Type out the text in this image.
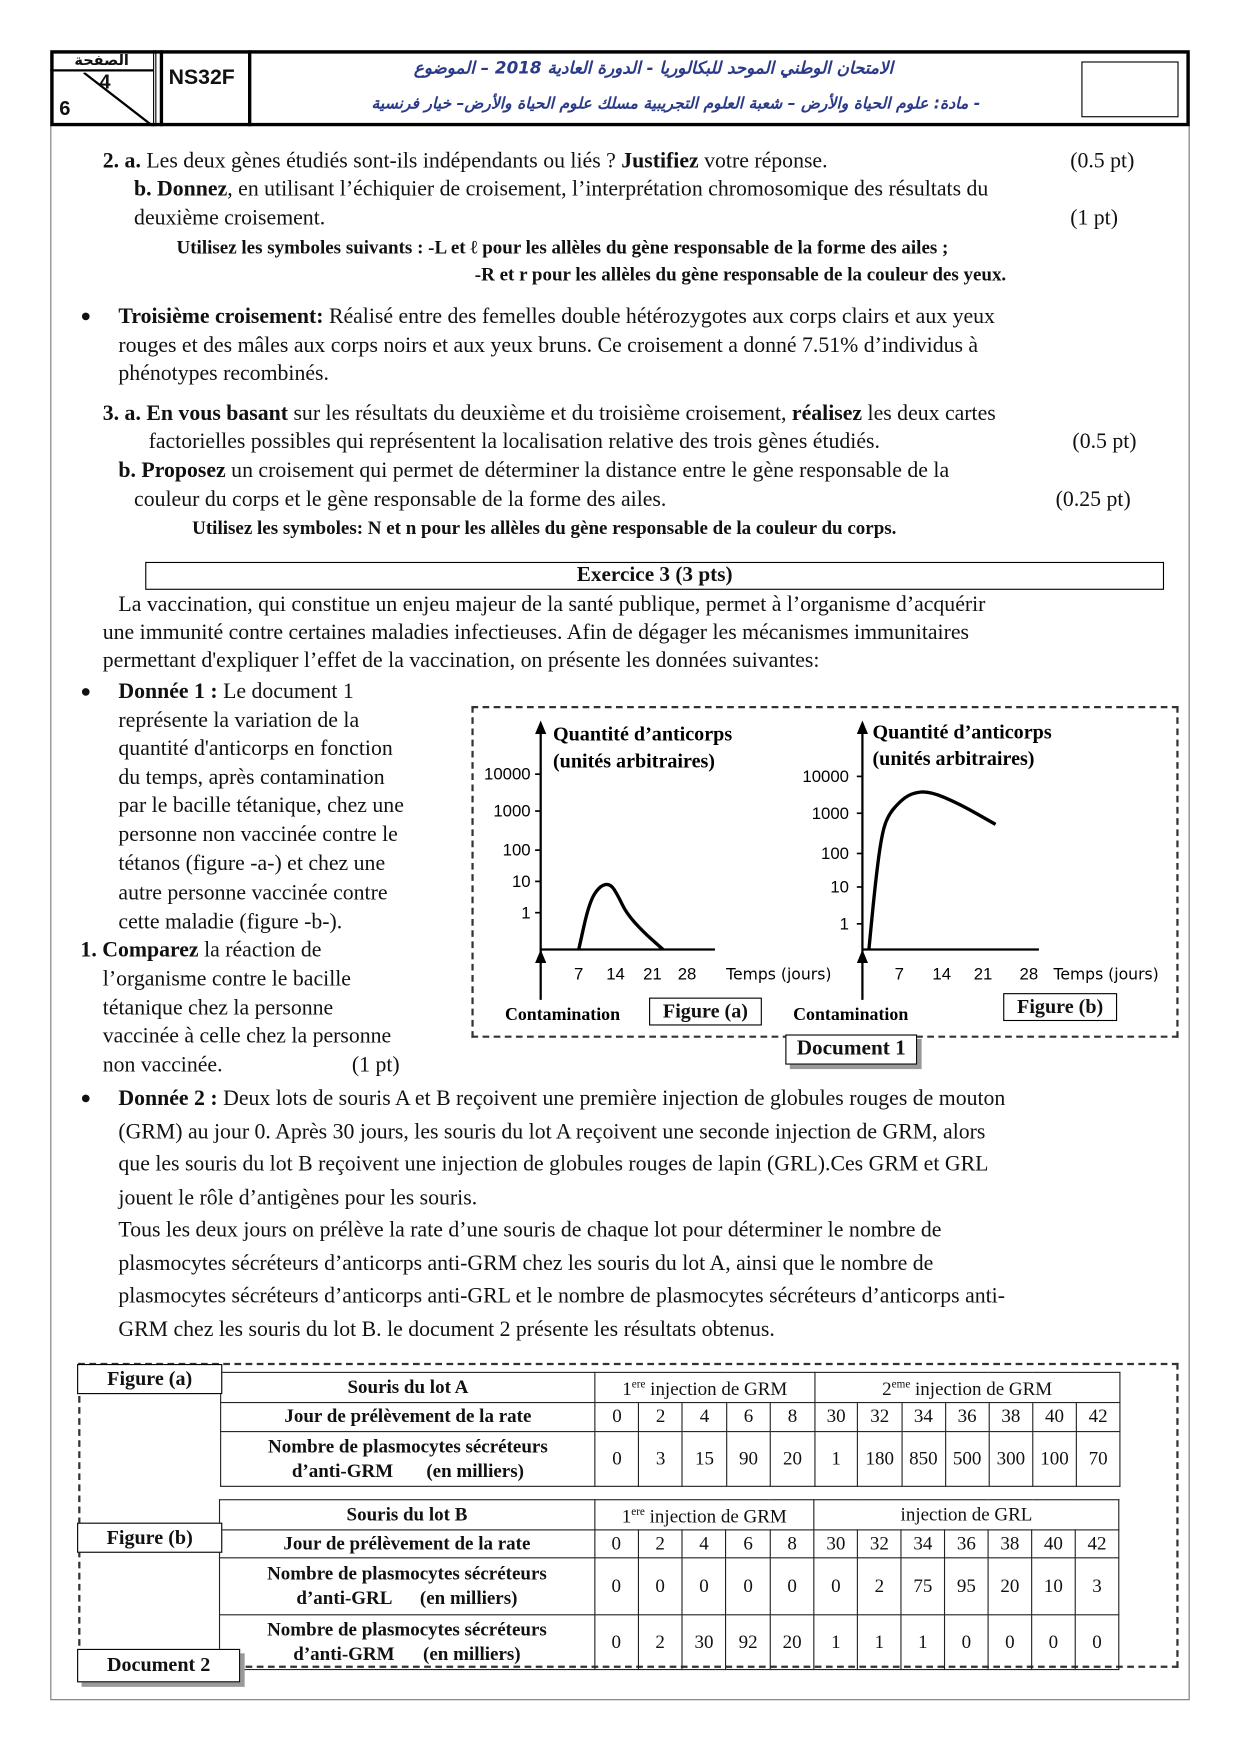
الصفحة
4
6
NS32F	الامتحان الوطني الموحد للبكالوريا - الدورة العادية 2018 – الموضوع
- مادة: علوم الحياة والأرض – شعبة العلوم التجريبية مسلك علوم الحياة والأرض– خيار فرنسية
2. a. Les deux gènes étudiés sont-ils indépendants ou liés ? Justifiez votre réponse.	(0.5 pt)
b. Donnez, en utilisant l’échiquier de croisement, l’interprétation chromosomique des résultats du
deuxième croisement.	(1 pt)
Utilisez les symboles suivants : -L et ℓ pour les allèles du gène responsable de la forme des ailes ;
-R et r pour les allèles du gène responsable de la couleur des yeux.
● Troisième croisement: Réalisé entre des femelles double hétérozygotes aux corps clairs et aux yeux
rouges et des mâles aux corps noirs et aux yeux bruns. Ce croisement a donné 7.51% d’individus à
phénotypes recombinés.
3. a. En vous basant sur les résultats du deuxième et du troisième croisement, réalisez les deux cartes
factorielles possibles qui représentent la localisation relative des trois gènes étudiés.	(0.5 pt)
b. Proposez un croisement qui permet de déterminer la distance entre le gène responsable de la
couleur du corps et le gène responsable de la forme des ailes.	(0.25 pt)
Utilisez les symboles: N et n pour les allèles du gène responsable de la couleur du corps.
Exercice 3 (3 pts)
La vaccination, qui constitue un enjeu majeur de la santé publique, permet à l’organisme d’acquérir
une immunité contre certaines maladies infectieuses. Afin de dégager les mécanismes immunitaires
permettant d'expliquer l’effet de la vaccination, on présente les données suivantes:
● Donnée 1 : Le document 1
représente la variation de la
quantité d'anticorps en fonction
du temps, après contamination
par le bacille tétanique, chez une
personne non vaccinée contre le
tétanos (figure -a-) et chez une
autre personne vaccinée contre
cette maladie (figure -b-).
1. Comparez la réaction de
l’organisme contre le bacille
tétanique chez la personne
vaccinée à celle chez la personne
non vaccinée.	(1 pt)
Quantité d’anticorps
(unités arbitraires)
10000
1000
100
10
1
7 14 21 28 Temps (jours)
Contamination
Quantité d’anticorps
(unités arbitraires)
10000
1000
100
10
1
7 14 21 28 Temps (jours)
Contamination
Figure (a)	Figure (b)
Document 1
● Donnée 2 : Deux lots de souris A et B reçoivent une première injection de globules rouges de mouton
(GRM) au jour 0. Après 30 jours, les souris du lot A reçoivent une seconde injection de GRM, alors
que les souris du lot B reçoivent une injection de globules rouges de lapin (GRL).Ces GRM et GRL
jouent le rôle d’antigènes pour les souris.
Tous les deux jours on prélève la rate d’une souris de chaque lot pour déterminer le nombre de
plasmocytes sécréteurs d’anticorps anti-GRM chez les souris du lot A, ainsi que le nombre de
plasmocytes sécréteurs d’anticorps anti-GRL et le nombre de plasmocytes sécréteurs d’anticorps anti-
GRM chez les souris du lot B. le document 2 présente les résultats obtenus.
Souris du lot A	1ere injection de GRM					2eme injection de GRM						
Jour de prélèvement de la rate	0	2	4	6	8	30	32	34	36	38	40	42
Nombre de plasmocytes sécréteurs
d’anti-GRM       (en milliers)	0	3	15	90	20	1	180	850	500	300	100	70
Souris du lot B	1ere injection de GRM					injection de GRL						
Jour de prélèvement de la rate	0	2	4	6	8	30	32	34	36	38	40	42
Nombre de plasmocytes sécréteurs
d’anti-GRL      (en milliers)	0	0	0	0	0	0	2	75	95	20	10	3
Nombre de plasmocytes sécréteurs
d’anti-GRM      (en milliers)	0	2	30	92	20	1	1	1	0	0	0	0
Figure (a)
Figure (b)
Document 2
